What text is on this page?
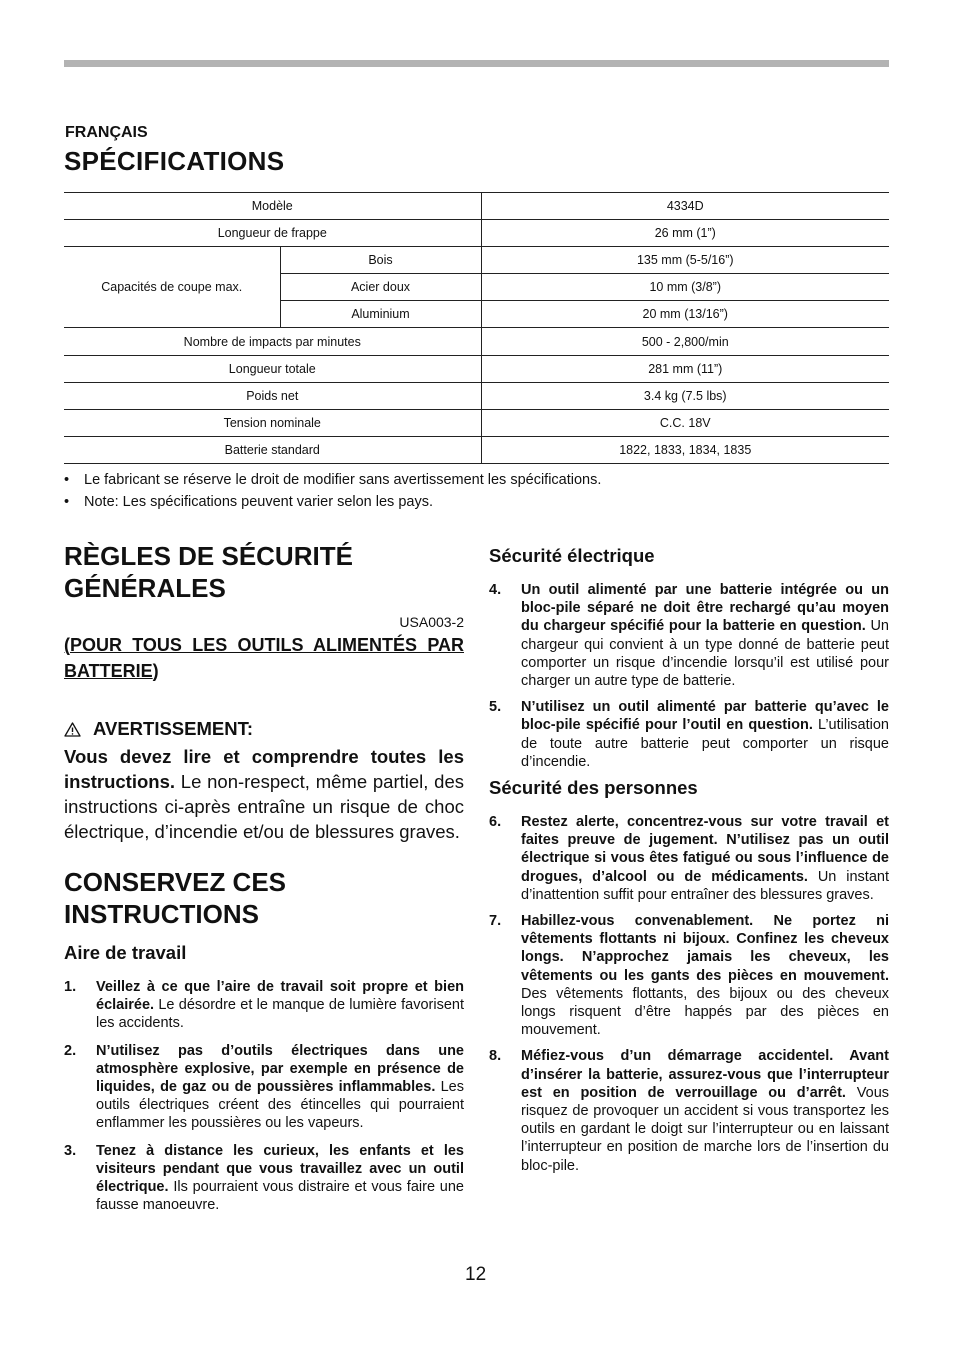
FRANÇAIS
SPÉCIFICATIONS
Modèle		4334D
Longueur de frappe		26 mm (1”)
Capacités de coupe max.	Bois	135 mm (5-5/16”)
	Acier doux	10 mm (3/8”)
	Aluminium	20 mm (13/16”)
Nombre de impacts par minutes		500 - 2,800/min
Longueur totale		281 mm (11”)
Poids net		3.4 kg (7.5 lbs)
Tension nominale		C.C. 18V
Batterie standard		1822, 1833, 1834, 1835
• Le fabricant se réserve le droit de modifier sans avertissement les spécifications.
• Note: Les spécifications peuvent varier selon les pays.
RÈGLES DE SÉCURITÉ
GÉNÉRALES
USA003-2
(POUR TOUS LES OUTILS ALIMENTÉS PAR BATTERIE)
AVERTISSEMENT:
Vous devez lire et comprendre toutes les instructions. Le non-respect, même partiel, des instructions ci-après entraîne un risque de choc électrique, d’incendie et/ou de blessures graves.
CONSERVEZ CES
INSTRUCTIONS
Aire de travail
1. Veillez à ce que l’aire de travail soit propre et bien éclairée. Le désordre et le manque de lumière favorisent les accidents.
2. N’utilisez pas d’outils électriques dans une atmosphère explosive, par exemple en présence de liquides, de gaz ou de poussières inflammables. Les outils électriques créent des étincelles qui pourraient enflammer les poussières ou les vapeurs.
3. Tenez à distance les curieux, les enfants et les visiteurs pendant que vous travaillez avec un outil électrique. Ils pourraient vous distraire et vous faire une fausse manoeuvre.
Sécurité électrique
4. Un outil alimenté par une batterie intégrée ou un bloc-pile séparé ne doit être rechargé qu’au moyen du chargeur spécifié pour la batterie en question. Un chargeur qui convient à un type donné de batterie peut comporter un risque d’incendie lorsqu’il est utilisé pour charger un autre type de batterie.
5. N’utilisez un outil alimenté par batterie qu’avec le bloc-pile spécifié pour l’outil en question. L’utilisation de toute autre batterie peut comporter un risque d’incendie.
Sécurité des personnes
6. Restez alerte, concentrez-vous sur votre travail et faites preuve de jugement. N’utilisez pas un outil électrique si vous êtes fatigué ou sous l’influence de drogues, d’alcool ou de médicaments. Un instant d’inattention suffit pour entraîner des blessures graves.
7. Habillez-vous convenablement. Ne portez ni vêtements flottants ni bijoux. Confinez les cheveux longs. N’approchez jamais les cheveux, les vêtements ou les gants des pièces en mouvement. Des vêtements flottants, des bijoux ou des cheveux longs risquent d’être happés par des pièces en mouvement.
8. Méfiez-vous d’un démarrage accidentel. Avant d’insérer la batterie, assurez-vous que l’interrupteur est en position de verrouillage ou d’arrêt. Vous risquez de provoquer un accident si vous transportez les outils en gardant le doigt sur l’interrupteur ou en laissant l’interrupteur en position de marche lors de l’insertion du bloc-pile.
12
